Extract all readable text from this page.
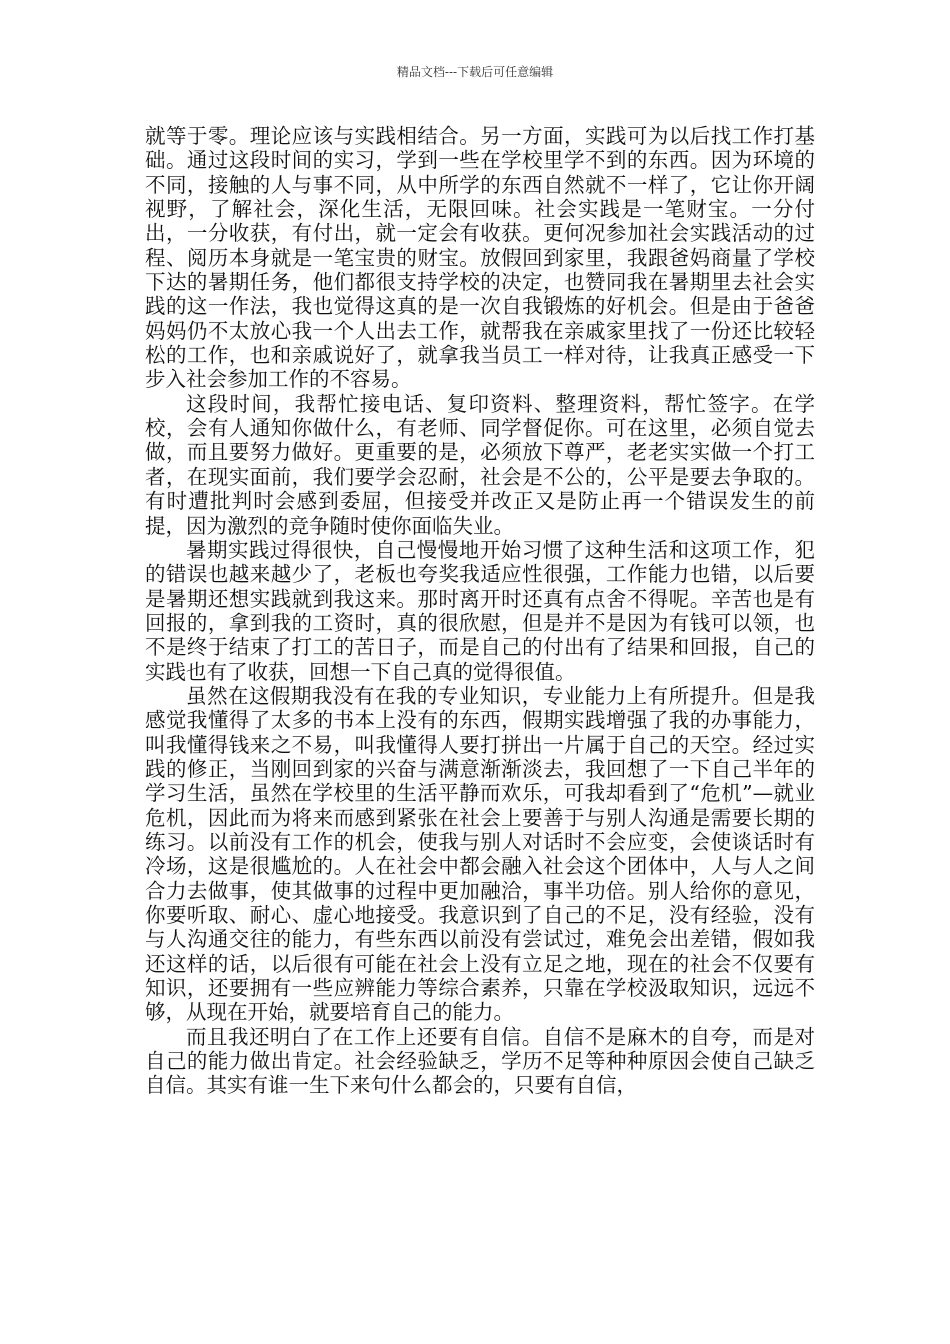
精品文档---下载后可任意编辑

就等于零。理论应该与实践相结合。另一方面，实践可为以后找工作打基础。通过这段时间的实习，学到一些在学校里学不到的东西。因为环境的不同，接触的人与事不同，从中所学的东西自然就不一样了，它让你开阔视野，了解社会，深化生活，无限回味。社会实践是一笔财宝。一分付出，一分收获，有付出，就一定会有收获。更何况参加社会实践活动的过程、阅历本身就是一笔宝贵的财宝。放假回到家里，我跟爸妈商量了学校下达的暑期任务，他们都很支持学校的决定，也赞同我在暑期里去社会实践的这一作法，我也觉得这真的是一次自我锻炼的好机会。但是由于爸爸妈妈仍不太放心我一个人出去工作，就帮我在亲戚家里找了一份还比较轻松的工作，也和亲戚说好了，就拿我当员工一样对待，让我真正感受一下步入社会参加工作的不容易。

这段时间，我帮忙接电话、复印资料、整理资料，帮忙签字。在学校，会有人通知你做什么，有老师、同学督促你。可在这里，必须自觉去做，而且要努力做好。更重要的是，必须放下尊严，老老实实做一个打工者，在现实面前，我们要学会忍耐，社会是不公的，公平是要去争取的。有时遭批判时会感到委屈，但接受并改正又是防止再一个错误发生的前提，因为激烈的竞争随时使你面临失业。

暑期实践过得很快，自己慢慢地开始习惯了这种生活和这项工作，犯的错误也越来越少了，老板也夸奖我适应性很强，工作能力也错，以后要是暑期还想实践就到我这来。那时离开时还真有点舍不得呢。辛苦也是有回报的，拿到我的工资时，真的很欣慰，但是并不是因为有钱可以领，也不是终于结束了打工的苦日子，而是自己的付出有了结果和回报，自己的实践也有了收获，回想一下自己真的觉得很值。

虽然在这假期我没有在我的专业知识，专业能力上有所提升。但是我感觉我懂得了太多的书本上没有的东西，假期实践增强了我的办事能力，叫我懂得钱来之不易，叫我懂得人要打拼出一片属于自己的天空。经过实践的修正，当刚回到家的兴奋与满意渐渐淡去，我回想了一下自己半年的学习生活，虽然在学校里的生活平静而欢乐，可我却看到了“危机”—就业危机，因此而为将来而感到紧张在社会上要善于与别人沟通是需要长期的练习。以前没有工作的机会，使我与别人对话时不会应变，会使谈话时有冷场，这是很尴尬的。人在社会中都会融入社会这个团体中，人与人之间合力去做事，使其做事的过程中更加融洽，事半功倍。别人给你的意见，你要听取、耐心、虚心地接受。我意识到了自己的不足，没有经验，没有与人沟通交往的能力，有些东西以前没有尝试过，难免会出差错，假如我还这样的话，以后很有可能在社会上没有立足之地，现在的社会不仅要有知识，还要拥有一些应辨能力等综合素养，只靠在学校汲取知识，远远不够，从现在开始，就要培育自己的能力。

而且我还明白了在工作上还要有自信。自信不是麻木的自夸，而是对自己的能力做出肯定。社会经验缺乏，学历不足等种种原因会使自己缺乏自信。其实有谁一生下来句什么都会的，只要有自信，
